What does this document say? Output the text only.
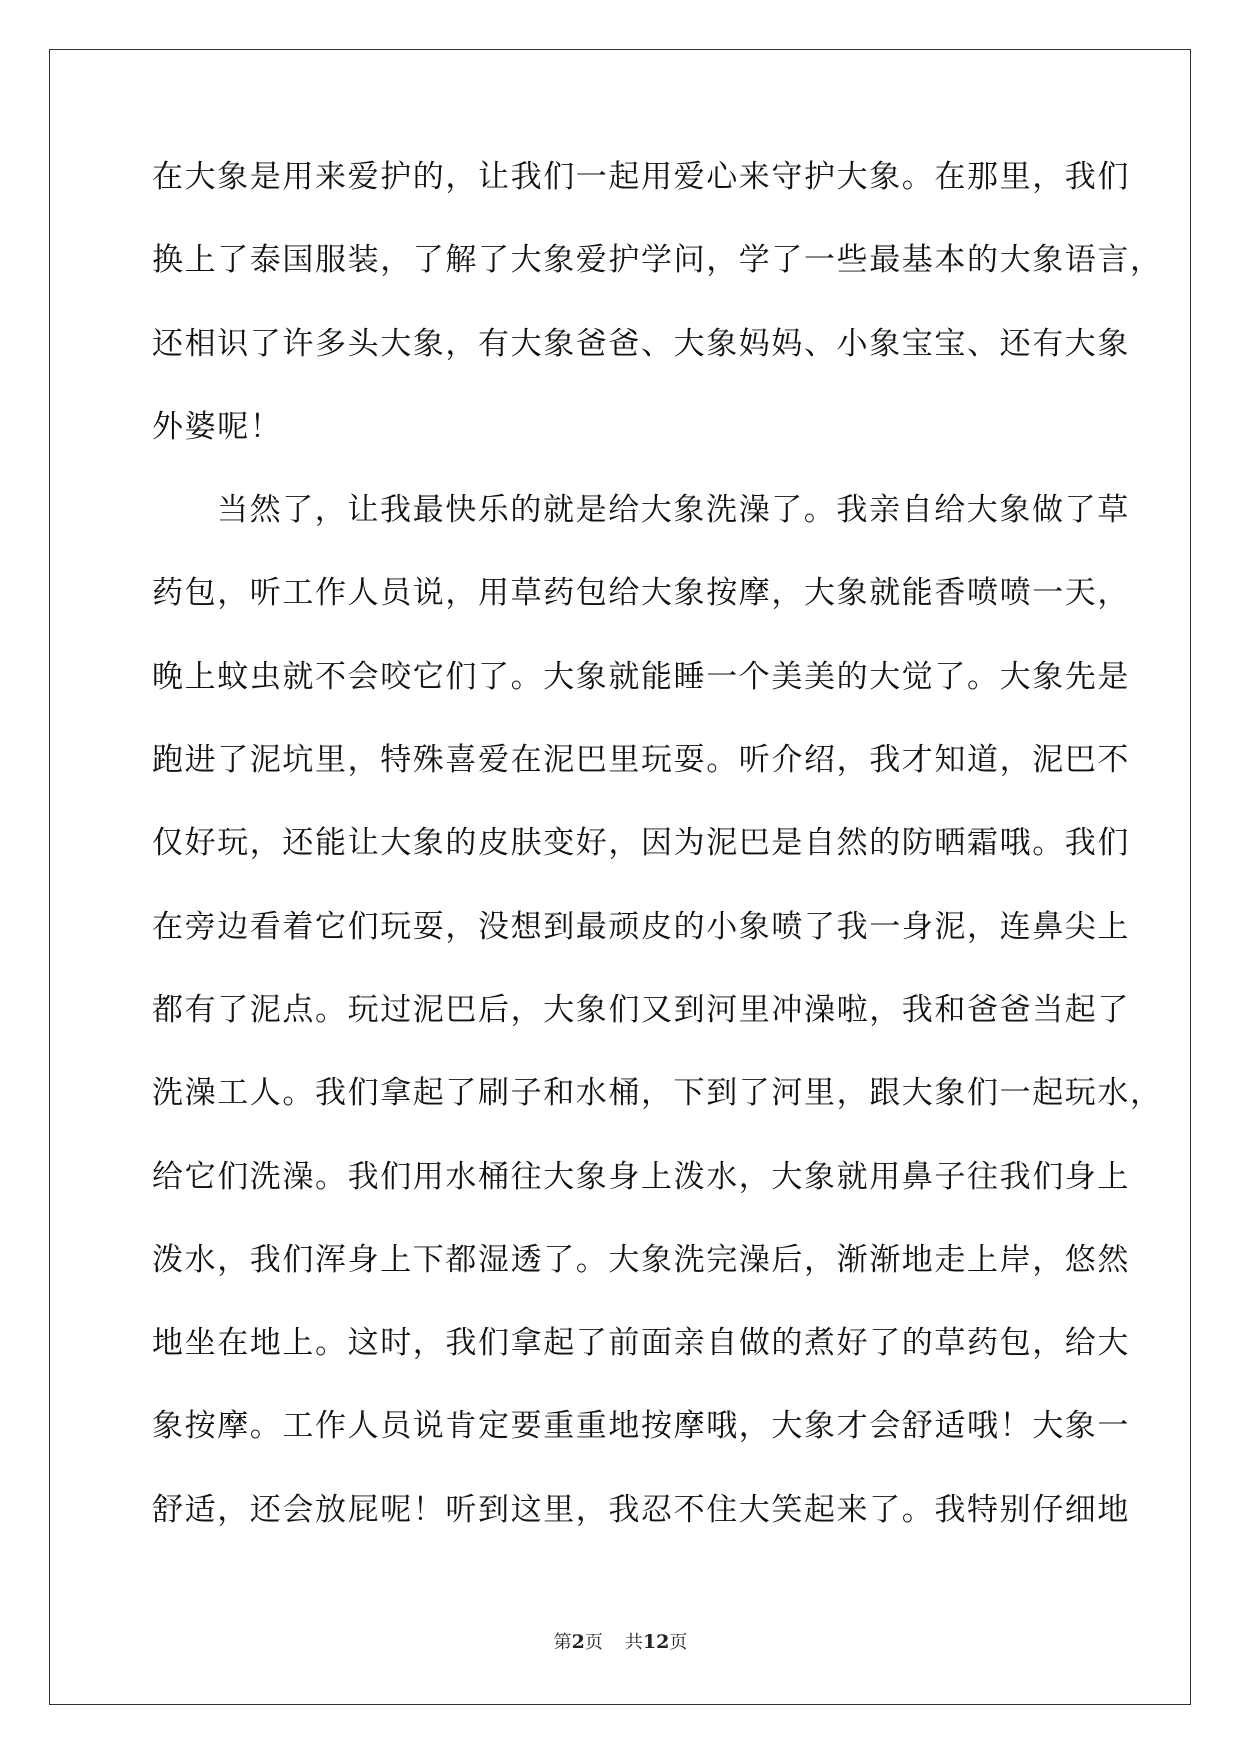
在大象是用来爱护的，让我们一起用爱心来守护大象。在那里，我们
换上了泰国服装，了解了大象爱护学问，学了一些最基本的大象语言，
还相识了许多头大象，有大象爸爸、大象妈妈、小象宝宝、还有大象
外婆呢！
当然了，让我最快乐的就是给大象洗澡了。我亲自给大象做了草
药包，听工作人员说，用草药包给大象按摩，大象就能香喷喷一天，
晚上蚊虫就不会咬它们了。大象就能睡一个美美的大觉了。大象先是
跑进了泥坑里，特殊喜爱在泥巴里玩耍。听介绍，我才知道，泥巴不
仅好玩，还能让大象的皮肤变好，因为泥巴是自然的防晒霜哦。我们
在旁边看着它们玩耍，没想到最顽皮的小象喷了我一身泥，连鼻尖上
都有了泥点。玩过泥巴后，大象们又到河里冲澡啦，我和爸爸当起了
洗澡工人。我们拿起了刷子和水桶，下到了河里，跟大象们一起玩水，
给它们洗澡。我们用水桶往大象身上泼水，大象就用鼻子往我们身上
泼水，我们浑身上下都湿透了。大象洗完澡后，渐渐地走上岸，悠然
地坐在地上。这时，我们拿起了前面亲自做的煮好了的草药包，给大
象按摩。工作人员说肯定要重重地按摩哦，大象才会舒适哦！大象一
舒适，还会放屁呢！听到这里，我忍不住大笑起来了。我特别仔细地
第2页 共12页
